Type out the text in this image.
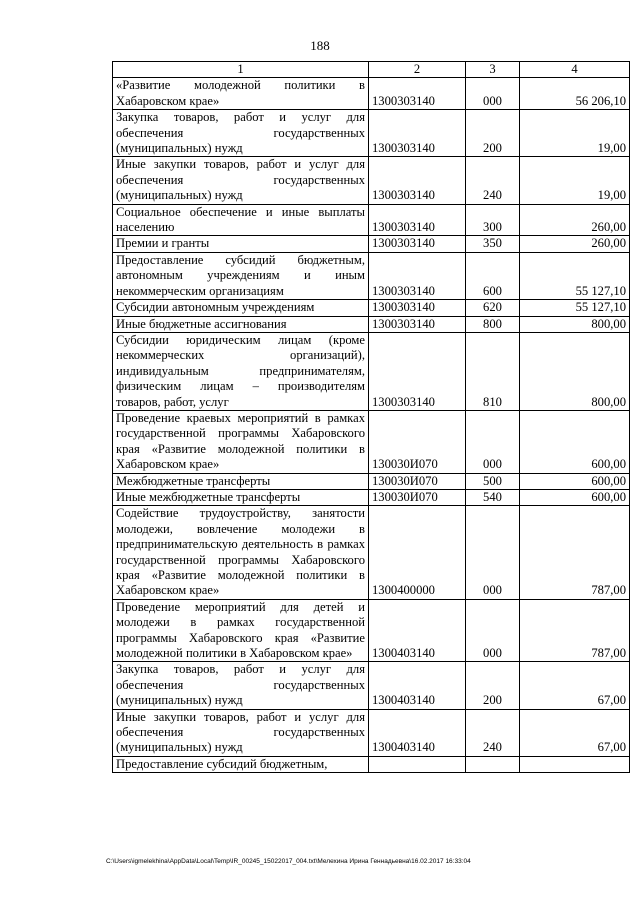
188
1	2	3	4
«Развитие молодежной политики в Хабаровском крае»	1300303140	000	56 206,10
Закупка товаров, работ и услуг для обеспечения государственных (муниципальных) нужд	1300303140	200	19,00
Иные закупки товаров, работ и услуг для обеспечения государственных (муниципальных) нужд	1300303140	240	19,00
Социальное обеспечение и иные выплаты населению	1300303140	300	260,00
Премии и гранты	1300303140	350	260,00
Предоставление субсидий бюджетным, автономным учреждениям и иным некоммерческим организациям	1300303140	600	55 127,10
Субсидии автономным учреждениям	1300303140	620	55 127,10
Иные бюджетные ассигнования	1300303140	800	800,00
Субсидии юридическим лицам (кроме некоммерческих организаций), индивидуальным предпринимателям, физическим лицам – производителям товаров, работ, услуг	1300303140	810	800,00
Проведение краевых мероприятий в рамках государственной программы Хабаровского края «Развитие молодежной политики в Хабаровском крае»	130030И070	000	600,00
Межбюджетные трансферты	130030И070	500	600,00
Иные межбюджетные трансферты	130030И070	540	600,00
Содействие трудоустройству, занятости молодежи, вовлечение молодежи в предпринимательскую деятельность в рамках государственной программы Хабаровского края «Развитие молодежной политики в Хабаровском крае»	1300400000	000	787,00
Проведение мероприятий для детей и молодежи в рамках государственной программы Хабаровского края «Развитие молодежной политики в Хабаровском крае»	1300403140	000	787,00
Закупка товаров, работ и услуг для обеспечения государственных (муниципальных) нужд	1300403140	200	67,00
Иные закупки товаров, работ и услуг для обеспечения государственных (муниципальных) нужд	1300403140	240	67,00
Предоставление субсидий бюджетным,			
C:\Users\igmelekhina\AppData\Local\Temp\IR_00245_15022017_004.txt\Мелехина Ирина Геннадьевна\16.02.2017 16:33:04
